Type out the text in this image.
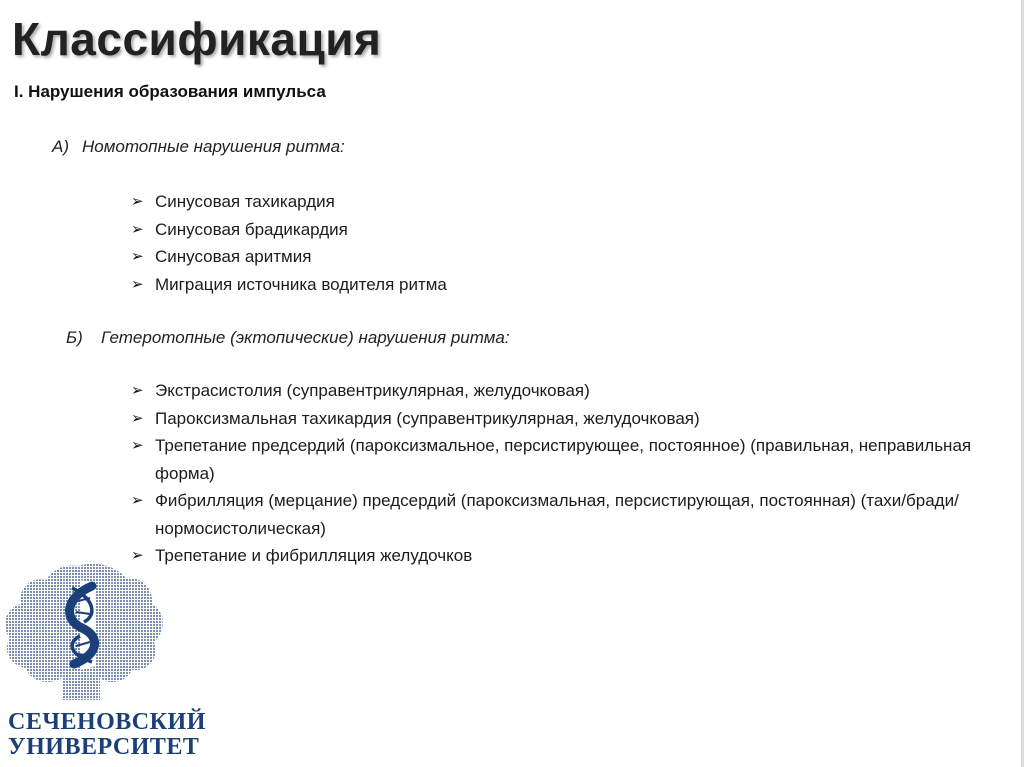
Классификация
I. Нарушения образования импульса
А) Номотопные нарушения ритма:
➢ Синусовая тахикардия
➢ Синусовая брадикардия
➢ Синусовая аритмия
➢ Миграция источника водителя ритма
Б)	Гетеротопные (эктопические) нарушения ритма:
➢ Экстрасистолия (суправентрикулярная, желудочковая)
➢ Пароксизмальная тахикардия (суправентрикулярная, желудочковая)
➢ Трепетание предсердий (пароксизмальное, персистирующее, постоянное) (правильная, неправильная форма)
➢ Фибрилляция (мерцание) предсердий (пароксизмальная, персистирующая, постоянная) (тахи/бради/нормосистолическая)
➢ Трепетание и фибрилляция желудочков
СЕЧЕНОВСКИЙ
УНИВЕРСИТЕТ
